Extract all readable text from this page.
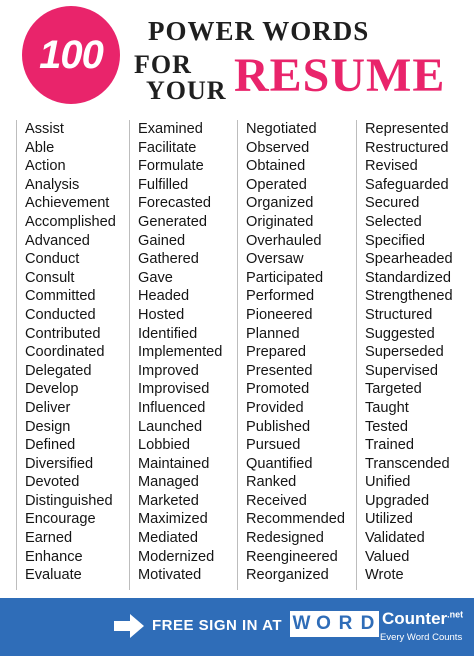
100
POWER WORDS
FOR
YOUR RESUME
Assist
Able
Action
Analysis
Achievement
Accomplished
Advanced
Conduct
Consult
Committed
Conducted
Contributed
Coordinated
Delegated
Develop
Deliver
Design
Defined
Diversified
Devoted
Distinguished
Encourage
Earned
Enhance
Evaluate
Examined
Facilitate
Formulate
Fulfilled
Forecasted
Generated
Gained
Gathered
Gave
Headed
Hosted
Identified
Implemented
Improved
Improvised
Influenced
Launched
Lobbied
Maintained
Managed
Marketed
Maximized
Mediated
Modernized
Motivated
Negotiated
Observed
Obtained
Operated
Organized
Originated
Overhauled
Oversaw
Participated
Performed
Pioneered
Planned
Prepared
Presented
Promoted
Provided
Published
Pursued
Quantified
Ranked
Received
Recommended
Redesigned
Reengineered
Reorganized
Represented
Restructured
Revised
Safeguarded
Secured
Selected
Specified
Spearheaded
Standardized
Strengthened
Structured
Suggested
Superseded
Supervised
Targeted
Taught
Tested
Trained
Transcended
Unified
Upgraded
Utilized
Validated
Valued
Wrote
FREE SIGN IN AT W O R D Counter$^{.net}$
Every Word Counts
